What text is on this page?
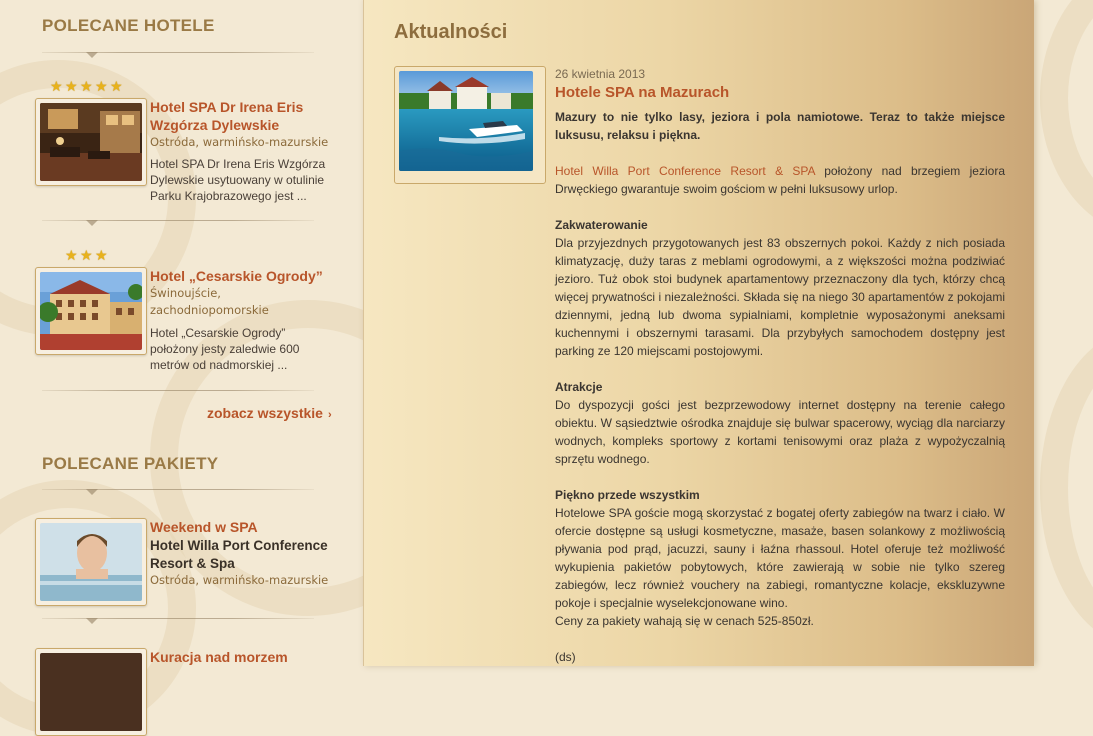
POLECANE HOTELE
★ ★ ★ ★ ★
Hotel SPA Dr Irena Eris Wzgórza Dylewskie
Ostróda, warmińsko-mazurskie
Hotel SPA Dr Irena Eris Wzgórza Dylewskie usytuowany w otulinie Parku Krajobrazowego jest ...
★ ★ ★
Hotel „Cesarskie Ogrody”
Świnoujście, zachodniopomorskie
Hotel „Cesarskie Ogrody” położony jesty zaledwie 600 metrów od nadmorskiej ...
zobacz wszystkie ›
POLECANE PAKIETY
Weekend w SPA
Hotel Willa Port Conference Resort & Spa
Ostróda, warmińsko-mazurskie
Kuracja nad morzem
Aktualności
26 kwietnia 2013
Hotele SPA na Mazurach

Mazury to nie tylko lasy, jeziora i pola namiotowe. Teraz to także miejsce luksusu, relaksu i piękna.

Hotel Willa Port Conference Resort & SPA położony nad brzegiem jeziora Drwęckiego gwarantuje swoim gościom w pełni luksusowy urlop.

Zakwaterowanie
Dla przyjezdnych przygotowanych jest 83 obszernych pokoi. Każdy z nich posiada klimatyzację, duży taras z meblami ogrodowymi, a z większości można podziwiać jezioro. Tuż obok stoi budynek apartamentowy przeznaczony dla tych, którzy chcą więcej prywatności i niezależności. Składa się na niego 30 apartamentów z pokojami dziennymi, jedną lub dwoma sypialniami, kompletnie wyposażonymi aneksami kuchennymi i obszernymi tarasami. Dla przybyłych samochodem dostępny jest parking ze 120 miejscami postojowymi.

Atrakcje
Do dyspozycji gości jest bezprzewodowy internet dostępny na terenie całego obiektu. W sąsiedztwie ośrodka znajduje się bulwar spacerowy, wyciąg dla narciarzy wodnych, kompleks sportowy z kortami tenisowymi oraz plaża z wypożyczalnią sprzętu wodnego.

Piękno przede wszystkim
Hotelowe SPA goście mogą skorzystać z bogatej oferty zabiegów na twarz i ciało. W ofercie dostępne są usługi kosmetyczne, masaże, basen solankowy z możliwością pływania pod prąd, jacuzzi, sauny i łaźna rhassoul. Hotel oferuje też możliwość wykupienia pakietów pobytowych, które zawierają w sobie nie tylko szereg zabiegów, lecz również vouchery na zabiegi, romantyczne kolacje, ekskluzywne pokoje i specjalnie wyselekcjonowane wino.
Ceny za pakiety wahają się w cenach 525-850zł.

(ds)
